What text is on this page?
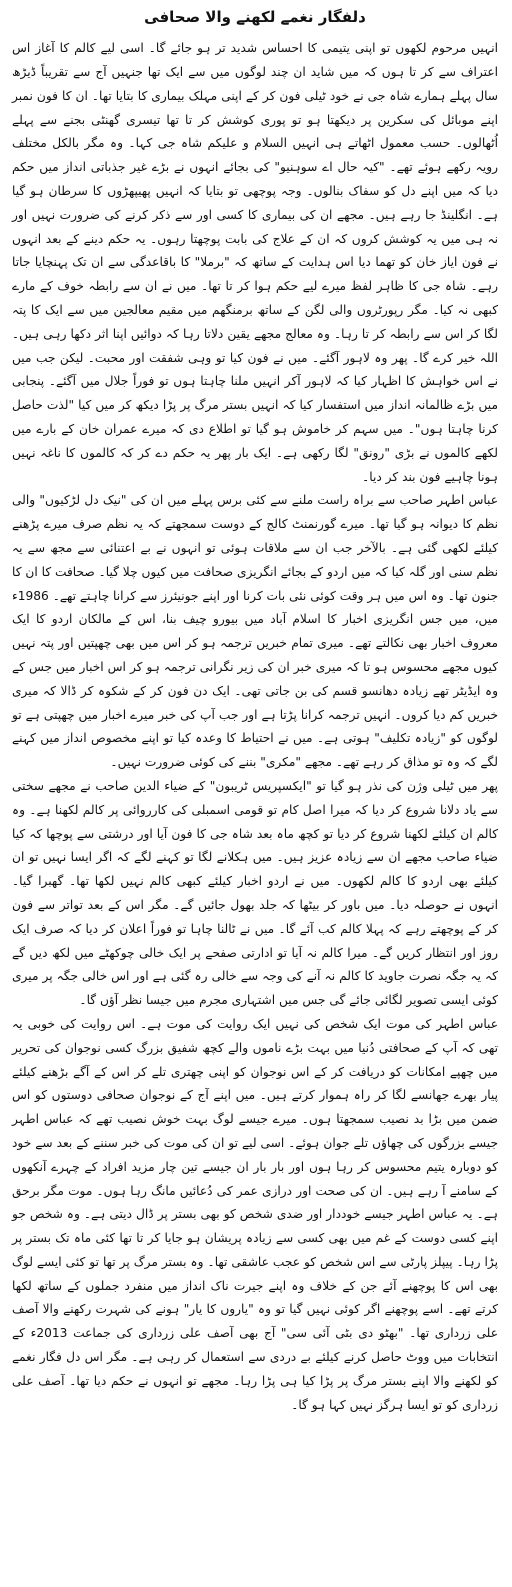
دلفگار نغمے لکھنے والا صحافی

انہیں مرحوم لکھوں تو اپنی یتیمی کا احساس شدید تر ہو جائے گا۔ اسی لیے کالم کا آغاز اس اعتراف سے کر تا ہوں کہ میں شاید ان چند لوگوں میں سے ایک تھا جنہیں آج سے تقریباً ڈیڑھ سال پہلے ہمارے شاہ جی نے خود ٹیلی فون کر کے اپنی مہلک بیماری کا بتایا تھا۔ ان کا فون نمبر اپنے موبائل کی سکرین پر دیکھتا ہو تو پوری کوشش کر تا تھا تیسری گھنٹی بجنے سے پہلے اُٹھالوں۔ حسب معمول اٹھاتے ہی انہیں السلام و علیکم شاہ جی کہا۔ وہ مگر بالکل مختلف رویہ رکھے ہوئے تھے۔ "کیہ حال اے سوہنیو" کی بجائے انہوں نے بڑے غیر جذباتی انداز میں حکم دیا کہ میں اپنے دل کو سفاک بنالوں۔ وجہ پوچھی تو بتایا کہ انہیں پھیپھڑوں کا سرطان ہو گیا ہے۔ انگلینڈ جا رہے ہیں۔ مجھے ان کی بیماری کا کسی اور سے ذکر کرنے کی ضرورت نہیں اور نہ ہی میں یہ کوشش کروں کہ ان کے علاج کی بابت پوچھتا رہوں۔ یہ حکم دینے کے بعد انہوں نے فون ایاز خان کو تھما دیا اس ہدایت کے ساتھ کہ "برملا" کا باقاعدگی سے ان تک پہنچایا جاتا رہے۔ شاہ جی کا ظاہر لفظ میرے لیے حکم ہوا کر تا تھا۔ میں نے ان سے رابطہ خوف کے مارے کبھی نہ کیا۔ مگر رپورٹروں والی لگن کے ساتھ برمنگھم میں مقیم معالجین میں سے ایک کا پتہ لگا کر اس سے رابطہ کر تا رہا۔ وہ معالج مجھے یقین دلاتا رہا کہ دوائیں اپنا اثر دکھا رہی ہیں۔ اللہ خیر کرے گا۔ پھر وہ لاہور آگئے۔ میں نے فون کیا تو وہی شفقت اور محبت۔ لیکن جب میں نے اس خواہش کا اظہار کیا کہ لاہور آکر انہیں ملنا چاہتا ہوں تو فوراً جلال میں آگئے۔ پنجابی میں بڑے ظالمانہ انداز میں استفسار کیا کہ انہیں بستر مرگ پر پڑا دیکھ کر میں کیا "لذت حاصل کرنا چاہتا ہوں"۔ میں سہم کر خاموش ہو گیا تو اطلاع دی کہ میرے عمران خان کے بارے میں لکھے کالموں نے بڑی "رونق" لگا رکھی ہے۔ ایک بار پھر یہ حکم دے کر کہ کالموں کا ناغہ نہیں ہونا چاہیے فون بند کر دیا۔

عباس اطہر صاحب سے براہ راست ملنے سے کئی برس پہلے میں ان کی "نیک دل لڑکیوں" والی نظم کا دیوانہ ہو گیا تھا۔ میرے گورنمنٹ کالج کے دوست سمجھتے کہ یہ نظم صرف میرے پڑھنے کیلئے لکھی گئی ہے۔ بالآخر جب ان سے ملاقات ہوئی تو انہوں نے بے اعتنائی سے مجھ سے یہ نظم سنی اور گلہ کیا کہ میں اردو کے بجائے انگریزی صحافت میں کیوں چلا گیا۔ صحافت کا ان کا جنون تھا۔ وہ اس میں ہر وقت کوئی نئی بات کرنا اور اپنے جونیئرز سے کرانا چاہتے تھے۔ 1986ء میں، میں جس انگریزی اخبار کا اسلام آباد میں بیورو چیف بنا، اس کے مالکان اردو کا ایک معروف اخبار بھی نکالتے تھے۔ میری تمام خبریں ترجمہ ہو کر اس میں بھی چھپتیں اور پتہ نہیں کیوں مجھے محسوس ہو تا کہ میری خبر ان کی زیر نگرانی ترجمہ ہو کر اس اخبار میں جس کے وہ ایڈیٹر تھے زیادہ دھانسو قسم کی بن جاتی تھی۔ ایک دن فون کر کے شکوہ کر ڈالا کہ میری خبریں کم دیا کروں۔ انہیں ترجمہ کرانا پڑتا ہے اور جب آپ کی خبر میرے اخبار میں چھپتی ہے تو لوگوں کو "زیادہ تکلیف" ہوتی ہے۔ میں نے احتیاط کا وعدہ کیا تو اپنے مخصوص انداز میں کہنے لگے کہ وہ تو مذاق کر رہے تھے۔ مجھے "مکری" بننے کی کوئی ضرورت نہیں۔

پھر میں ٹیلی وژن کی نذر ہو گیا تو "ایکسپریس ٹریبون" کے ضیاء الدین صاحب نے مجھے سختی سے یاد دلانا شروع کر دیا کہ میرا اصل کام تو قومی اسمبلی کی کارروائی پر کالم لکھنا ہے۔ وہ کالم ان کیلئے لکھنا شروع کر دیا تو کچھ ماہ بعد شاہ جی کا فون آیا اور درشتی سے پوچھا کہ کیا ضیاء صاحب مجھے ان سے زیادہ عزیز ہیں۔ میں ہکلانے لگا تو کہنے لگے کہ اگر ایسا نہیں تو ان کیلئے بھی اردو کا کالم لکھوں۔ میں نے اردو اخبار کیلئے کبھی کالم نہیں لکھا تھا۔ گھبرا گیا۔ انہوں نے حوصلہ دیا۔ میں باور کر بیٹھا کہ جلد بھول جائیں گے۔ مگر اس کے بعد تواتر سے فون کر کے پوچھتے رہے کہ پہلا کالم کب آئے گا۔ میں نے ٹالنا چاہا تو فوراً اعلان کر دیا کہ صرف ایک روز اور انتظار کریں گے۔ میرا کالم نہ آیا تو ادارتی صفحے پر ایک خالی چوکھٹے میں لکھ دیں گے کہ یہ جگہ نصرت جاوید کا کالم نہ آنے کی وجہ سے خالی رہ گئی ہے اور اس خالی جگہ پر میری کوئی ایسی تصویر لگائی جائے گی جس میں اشتہاری مجرم میں جیسا نظر آؤں گا۔

عباس اطہر کی موت ایک شخص کی نہیں ایک روایت کی موت ہے۔ اس روایت کی خوبی یہ تھی کہ آپ کے صحافتی دُنیا میں بہت بڑے ناموں والے کچھ شفیق بزرگ کسی نوجوان کی تحریر میں چھپے امکانات کو دریافت کر کے اس نوجوان کو اپنی چھتری تلے کر اس کے آگے بڑھنے کیلئے پیار بھرے جھانسے لگا کر راہ ہموار کرتے ہیں۔ میں اپنے آج کے نوجوان صحافی دوستوں کو اس ضمن میں بڑا بد نصیب سمجھتا ہوں۔ میرے جیسے لوگ بہت خوش نصیب تھے کہ عباس اطہر جیسے بزرگوں کی چھاؤں تلے جوان ہوئے۔ اسی لیے تو ان کی موت کی خبر سننے کے بعد سے خود کو دوبارہ یتیم محسوس کر رہا ہوں اور بار بار ان جیسے تین چار مزید افراد کے چہرے آنکھوں کے سامنے آ رہے ہیں۔ ان کی صحت اور درازی عمر کی دُعائیں مانگ رہا ہوں۔ موت مگر برحق ہے۔ یہ عباس اطہر جیسے خوددار اور ضدی شخص کو بھی بستر پر ڈال دیتی ہے۔ وہ شخص جو اپنے کسی دوست کے غم میں بھی کسی سے زیادہ پریشان ہو جایا کر تا تھا کئی ماہ تک بستر پر پڑا رہا۔ پیپلز پارٹی سے اس شخص کو عجب عاشقی تھا۔ وہ بستر مرگ پر تھا تو کئی ایسے لوگ بھی اس کا پوچھنے آئے جن کے خلاف وہ اپنے جیرت ناک انداز میں منفرد جملوں کے ساتھ لکھا کرتے تھے۔ اسے پوچھنے اگر کوئی نہیں گیا تو وہ "یاروں کا یار" ہونے کی شہرت رکھنے والا آصف علی زرداری تھا۔ "بھٹو دی بٹی آئی سی" آج بھی آصف علی زرداری کی جماعت 2013ء کے انتخابات میں ووٹ حاصل کرنے کیلئے بے دردی سے استعمال کر رہی ہے۔ مگر اس دل فگار نغمے کو لکھنے والا اپنے بستر مرگ پر پڑا کیا ہی پڑا رہا۔ مجھے تو انہوں نے حکم دیا تھا۔ آصف علی زرداری کو تو ایسا ہرگز نہیں کہا ہو گا۔
